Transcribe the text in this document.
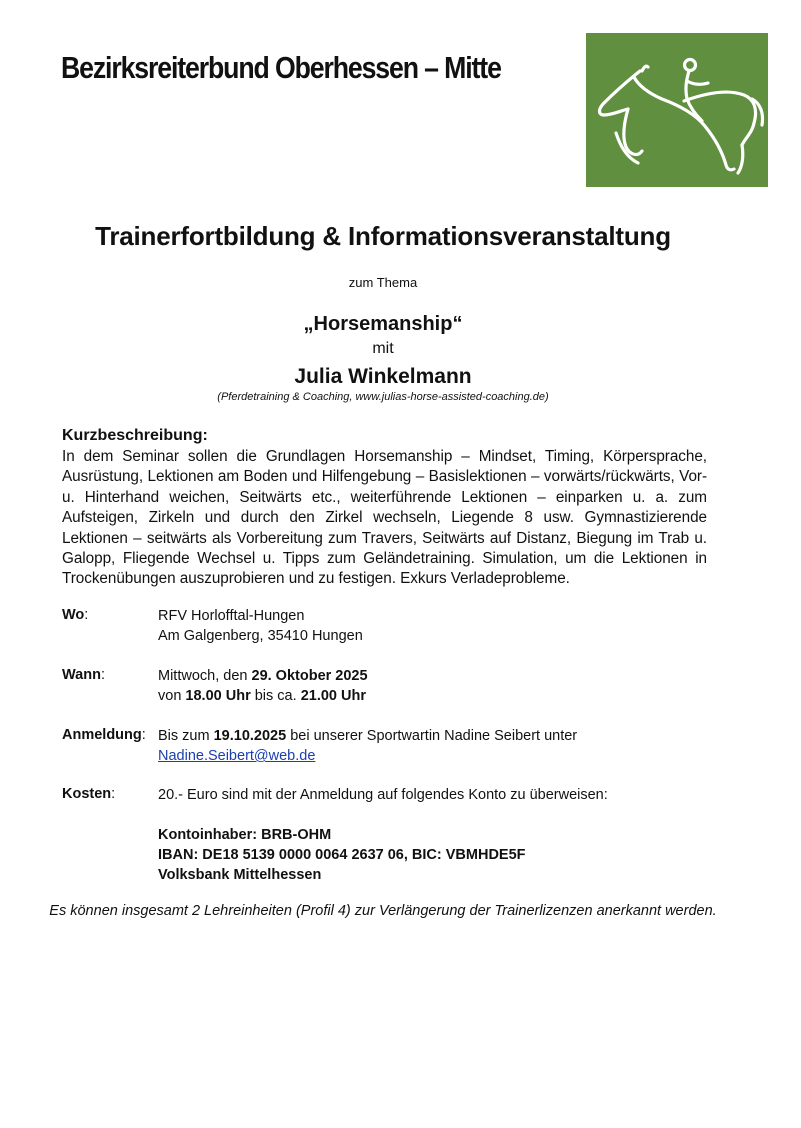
Bezirksreiterbund Oberhessen – Mitte
Trainerfortbildung & Informationsveranstaltung
zum Thema
„Horsemanship“
mit
Julia Winkelmann
(Pferdetraining & Coaching, www.julias-horse-assisted-coaching.de)
Kurzbeschreibung:
In dem Seminar sollen die Grundlagen Horsemanship – Mindset, Timing, Körpersprache, Ausrüstung, Lektionen am Boden und Hilfengebung – Basislektionen – vorwärts/rückwärts, Vor- u. Hinterhand weichen, Seitwärts etc., weiterführende Lektionen – einparken u. a. zum Aufsteigen, Zirkeln und durch den Zirkel wechseln, Liegende 8 usw. Gymnastizierende Lektionen – seitwärts als Vorbereitung zum Travers, Seitwärts auf Distanz, Biegung im Trab u. Galopp, Fliegende Wechsel u. Tipps zum Geländetraining. Simulation, um die Lektionen in Trockenübungen auszuprobieren und zu festigen. Exkurs Verladeprobleme.
Wo:	RFV Horlofftal-Hungen
Am Galgenberg, 35410 Hungen
Wann:	Mittwoch, den 29. Oktober 2025
von 18.00 Uhr bis ca. 21.00 Uhr
Anmeldung: Bis zum 19.10.2025 bei unserer Sportwartin Nadine Seibert unter
Nadine.Seibert@web.de
Kosten:	20.- Euro sind mit der Anmeldung auf folgendes Konto zu überweisen:
Kontoinhaber: BRB-OHM
IBAN: DE18 5139 0000 0064 2637 06, BIC: VBMHDE5F
Volksbank Mittelhessen
Es können insgesamt 2 Lehreinheiten (Profil 4) zur Verlängerung der Trainerlizenzen anerkannt werden.
